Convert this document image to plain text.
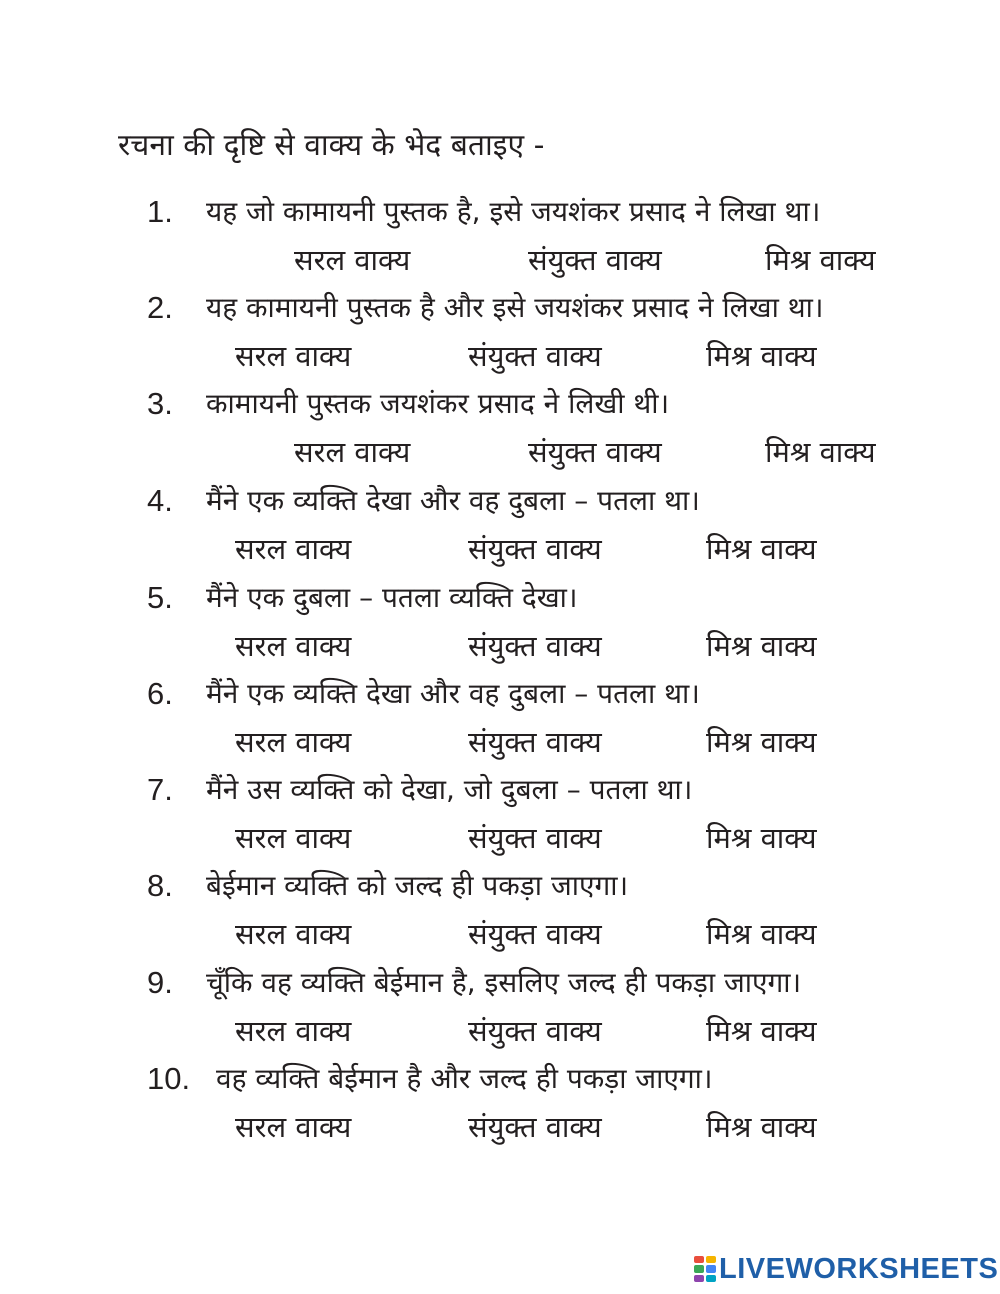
रचना की दृष्टि से वाक्य के भेद बताइए -
1. यह जो कामायनी पुस्तक है, इसे जयशंकर प्रसाद ने लिखा था।
सरल वाक्य	संयुक्त वाक्य	मिश्र वाक्य
2. यह कामायनी पुस्तक है और इसे जयशंकर प्रसाद ने लिखा था।
सरल वाक्य	संयुक्त वाक्य	मिश्र वाक्य
3. कामायनी पुस्तक जयशंकर प्रसाद ने लिखी थी।
सरल वाक्य	संयुक्त वाक्य	मिश्र वाक्य
4. मैंने एक व्यक्ति देखा और वह दुबला – पतला था।
सरल वाक्य	संयुक्त वाक्य	मिश्र वाक्य
5. मैंने एक दुबला – पतला व्यक्ति देखा।
सरल वाक्य	संयुक्त वाक्य	मिश्र वाक्य
6. मैंने एक व्यक्ति देखा और वह दुबला – पतला था।
सरल वाक्य	संयुक्त वाक्य	मिश्र वाक्य
7. मैंने उस व्यक्ति को देखा, जो दुबला – पतला था।
सरल वाक्य	संयुक्त वाक्य	मिश्र वाक्य
8. बेईमान व्यक्ति को जल्द ही पकड़ा जाएगा।
सरल वाक्य	संयुक्त वाक्य	मिश्र वाक्य
9. चूँकि वह व्यक्ति बेईमान है, इसलिए जल्द ही पकड़ा जाएगा।
सरल वाक्य	संयुक्त वाक्य	मिश्र वाक्य
10. वह व्यक्ति बेईमान है और जल्द ही पकड़ा जाएगा।
सरल वाक्य	संयुक्त वाक्य	मिश्र वाक्य
LIVEWORKSHEETS
